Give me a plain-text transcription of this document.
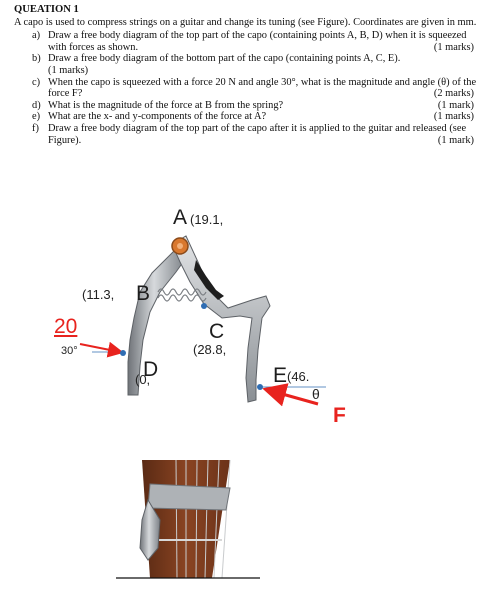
QUEATION 1

A capo is used to compress strings on a guitar and change its tuning (see Figure). Coordinates are given in mm.
a) Draw a free body diagram of the top part of the capo (containing points A, B, D) when it is squeezed with forces as shown.	(1 marks)
b) Draw a free body diagram of the bottom part of the capo (containing points A, C, E).

(1 marks)
c) When the capo is squeezed with a force 20 N and angle 30°, what is the magnitude and angle (θ) of the force F?	(2 marks)
d) What is the magnitude of the force at B from the spring?	(1 mark)
e) What are the x- and y-components of the force at A?	(1 marks)
f) Draw a free body diagram of the top part of the capo after it is applied to the guitar and released (see Figure).	(1 mark)
A (19.1,
(11.3, B
C
(28.8,
20
30°
D
(0,	E (46.
θ
F
